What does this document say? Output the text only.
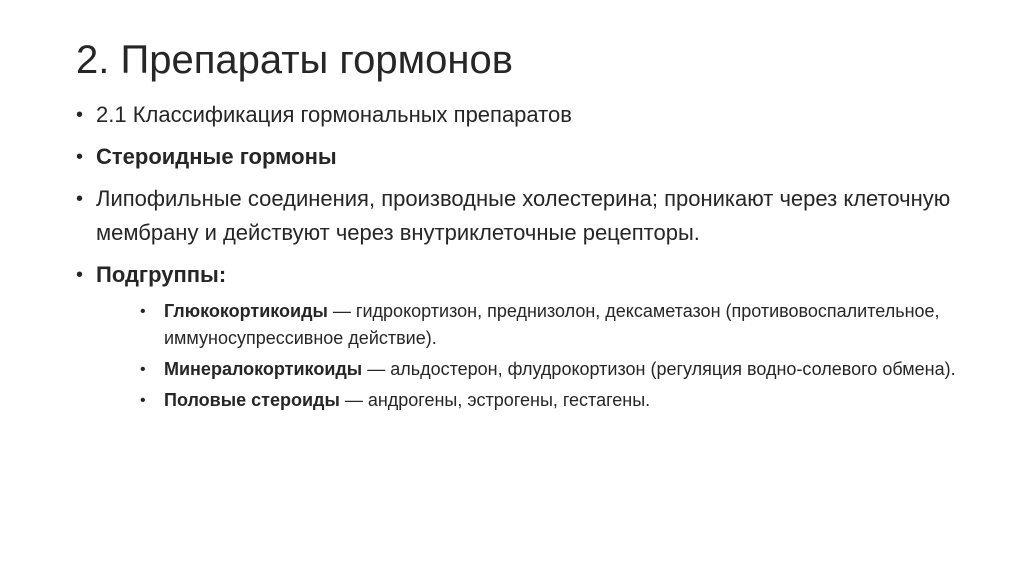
2. Препараты гормонов
• 2.1 Классификация гормональных препаратов
• Стероидные гормоны
• Липофильные соединения, производные холестерина; проникают через клеточную мембрану и действуют через внутриклеточные рецепторы.
• Подгруппы:
• Глюкокортикоиды — гидрокортизон, преднизолон, дексаметазон (противовоспалительное, иммуносупрессивное действие).
• Минералокортикоиды — альдостерон, флудрокортизон (регуляция водно-солевого обмена).
• Половые стероиды — андрогены, эстрогены, гестагены.
